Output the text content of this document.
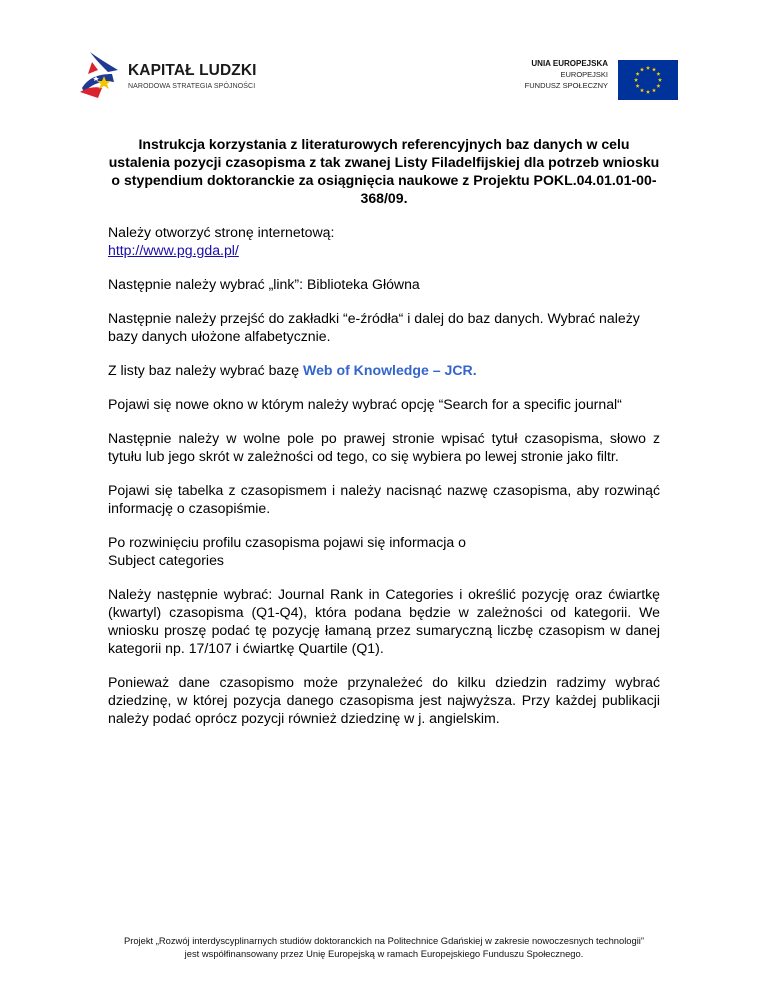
KAPITAŁ LUDZKI
NARODOWA STRATEGIA SPÓJNOŚCI
UNIA EUROPEJSKA
EUROPEJSKI
FUNDUSZ SPOŁECZNY
Instrukcja korzystania z literaturowych referencyjnych baz danych w celu ustalenia pozycji czasopisma z tak zwanej Listy Filadelfijskiej dla potrzeb wniosku o stypendium doktoranckie za osiągnięcia naukowe z Projektu POKL.04.01.01-00-368/09.

Należy otworzyć stronę internetową:
http://www.pg.gda.pl/

Następnie należy wybrać „link”: Biblioteka Główna

Następnie należy przejść do zakładki “e-źródła“ i dalej do baz danych. Wybrać należy bazy danych ułożone alfabetycznie.

Z listy baz należy wybrać bazę Web of Knowledge – JCR.

Pojawi się nowe okno w którym należy wybrać opcję “Search for a specific journal“

Następnie należy w wolne pole po prawej stronie wpisać tytuł czasopisma, słowo z tytułu lub jego skrót w zależności od tego, co się wybiera po lewej stronie jako filtr.

Pojawi się tabelka z czasopismem i należy nacisnąć nazwę czasopisma, aby rozwinąć informację o czasopiśmie.

Po rozwinięciu profilu czasopisma pojawi się informacja o
Subject categories

Należy następnie wybrać: Journal Rank in Categories i określić pozycję oraz ćwiartkę (kwartyl) czasopisma (Q1-Q4), która podana będzie w zależności od kategorii. We wniosku proszę podać tę pozycję łamaną przez sumaryczną liczbę czasopism w danej kategorii np. 17/107 i ćwiartkę Quartile (Q1).

Ponieważ dane czasopismo może przynależeć do kilku dziedzin radzimy wybrać dziedzinę, w której pozycja danego czasopisma jest najwyższa. Przy każdej publikacji należy podać oprócz pozycji również dziedzinę w j. angielskim.

Projekt „Rozwój interdyscyplinarnych studiów doktoranckich na Politechnice Gdańskiej w zakresie nowoczesnych technologii”
jest współfinansowany przez Unię Europejską w ramach Europejskiego Funduszu Społecznego.
